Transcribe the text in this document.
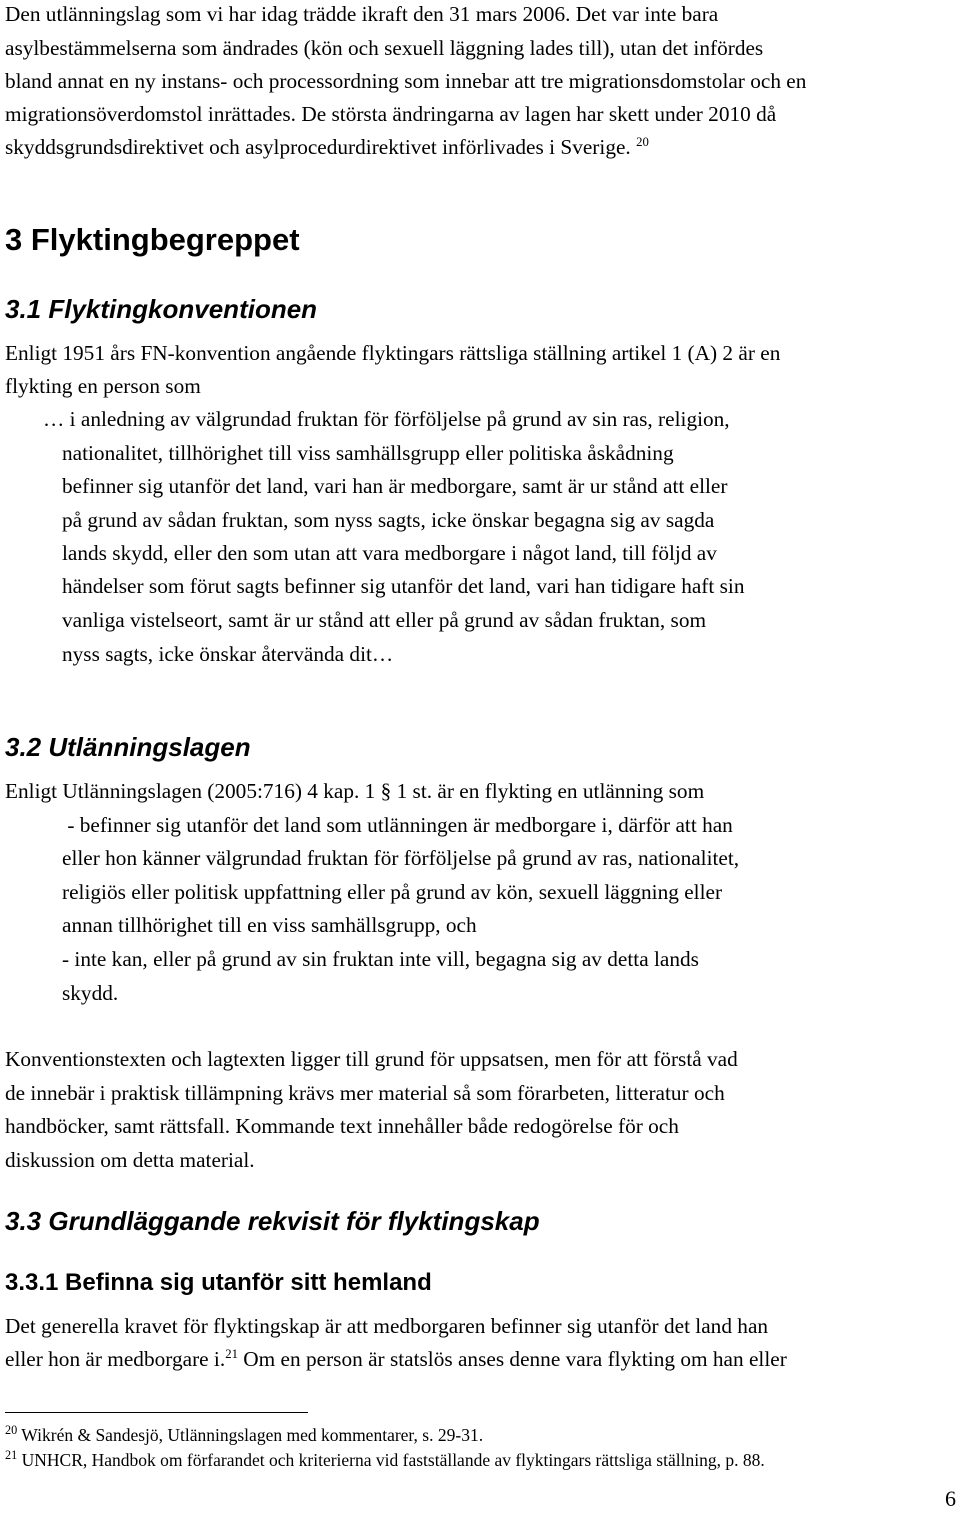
Den utlänningslag som vi har idag trädde ikraft den 31 mars 2006. Det var inte bara
asylbestämmelserna som ändrades (kön och sexuell läggning lades till), utan det infördes
bland annat en ny instans- och processordning som innebar att tre migrationsdomstolar och en
migrationsöverdomstol inrättades. De största ändringarna av lagen har skett under 2010 då
skyddsgrundsdirektivet och asylprocedurdirektivet införlivades i Sverige. $^{20}$
3 Flyktingbegreppet
3.1 Flyktingkonventionen
Enligt 1951 års FN-konvention angående flyktingars rättsliga ställning artikel 1 (A) 2 är en
flykting en person som
… i anledning av välgrundad fruktan för förföljelse på grund av sin ras, religion,
nationalitet, tillhörighet till viss samhällsgrupp eller politiska åskådning
befinner sig utanför det land, vari han är medborgare, samt är ur stånd att eller
på grund av sådan fruktan, som nyss sagts, icke önskar begagna sig av sagda
lands skydd, eller den som utan att vara medborgare i något land, till följd av
händelser som förut sagts befinner sig utanför det land, vari han tidigare haft sin
vanliga vistelseort, samt är ur stånd att eller på grund av sådan fruktan, som
nyss sagts, icke önskar återvända dit…
3.2 Utlänningslagen
Enligt Utlänningslagen (2005:716) 4 kap. 1 § 1 st. är en flykting en utlänning som
- befinner sig utanför det land som utlänningen är medborgare i, därför att han
eller hon känner välgrundad fruktan för förföljelse på grund av ras, nationalitet,
religiös eller politisk uppfattning eller på grund av kön, sexuell läggning eller
annan tillhörighet till en viss samhällsgrupp, och
- inte kan, eller på grund av sin fruktan inte vill, begagna sig av detta lands
skydd.
Konventionstexten och lagtexten ligger till grund för uppsatsen, men för att förstå vad
de innebär i praktisk tillämpning krävs mer material så som förarbeten, litteratur och
handböcker, samt rättsfall. Kommande text innehåller både redogörelse för och
diskussion om detta material.
3.3 Grundläggande rekvisit för flyktingskap
3.3.1 Befinna sig utanför sitt hemland
Det generella kravet för flyktingskap är att medborgaren befinner sig utanför det land han
eller hon är medborgare i.$^{21}$ Om en person är statslös anses denne vara flykting om han eller
$^{20}$ Wikrén & Sandesjö, Utlänningslagen med kommentarer, s. 29-31.
$^{21}$ UNHCR, Handbok om förfarandet och kriterierna vid fastställande av flyktingars rättsliga ställning, p. 88.
6
